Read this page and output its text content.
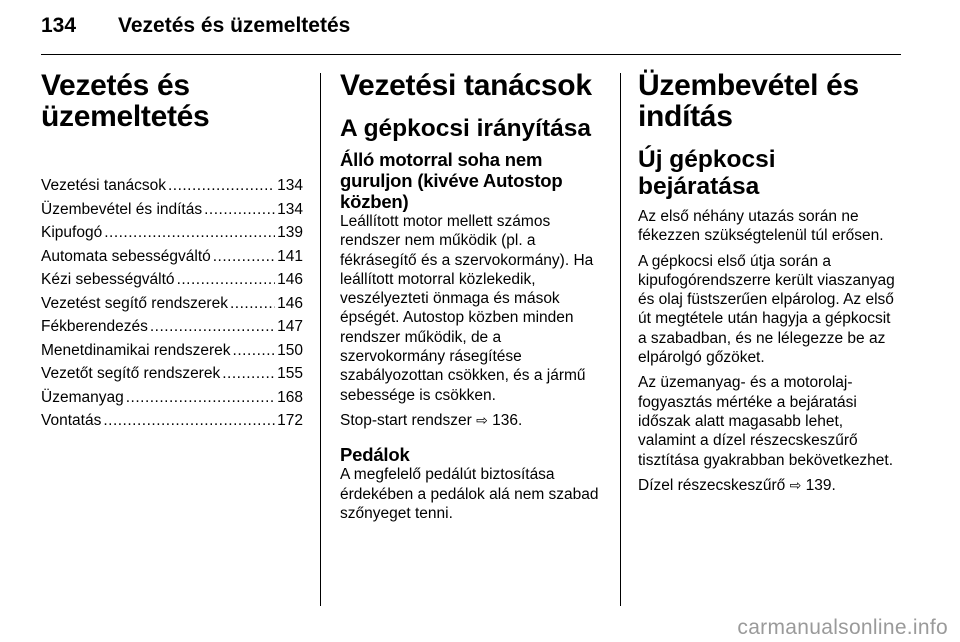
134 Vezetés és üzemeltetés
Vezetés és üzemeltetés
Vezetési tanácsok .....	134
Üzembevétel és indítás .....	134
Kipufogó .....	139
Automata sebességváltó .....	141
Kézi sebességváltó .....	146
Vezetést segítő rendszerek .....	146
Fékberendezés .....	147
Menetdinamikai rendszerek .....	150
Vezetőt segítő rendszerek .....	155
Üzemanyag .....	168
Vontatás .....	172
Vezetési tanácsok
A gépkocsi irányítása
Álló motorral soha nem guruljon (kivéve Autostop közben)

Leállított motor mellett számos rendszer nem működik (pl. a fékrásegítő és a szervokormány). Ha leállított motorral közlekedik, veszélyezteti önmaga és mások épségét. Autostop közben minden rendszer működik, de a szervokormány rásegítése szabályozottan csökken, és a jármű sebessége is csökken.

Stop-start rendszer ⇨ 136.

Pedálok

A megfelelő pedálút biztosítása érdekében a pedálok alá nem szabad szőnyeget tenni.

Üzembevétel és indítás
Új gépkocsi bejáratása

Az első néhány utazás során ne fékezzen szükségtelenül túl erősen.

A gépkocsi első útja során a kipufogórendszerre került viaszanyag és olaj füstszerűen elpárolog. Az első út megtétele után hagyja a gépkocsit a szabadban, és ne lélegezze be az elpárolgó gőzöket.

Az üzemanyag- és a motorolaj-fogyasztás mértéke a bejáratási időszak alatt magasabb lehet, valamint a dízel részecskeszűrő tisztítása gyakrabban bekövetkezhet.

Dízel részecskeszűrő ⇨ 139.

carmanualsonline.info
